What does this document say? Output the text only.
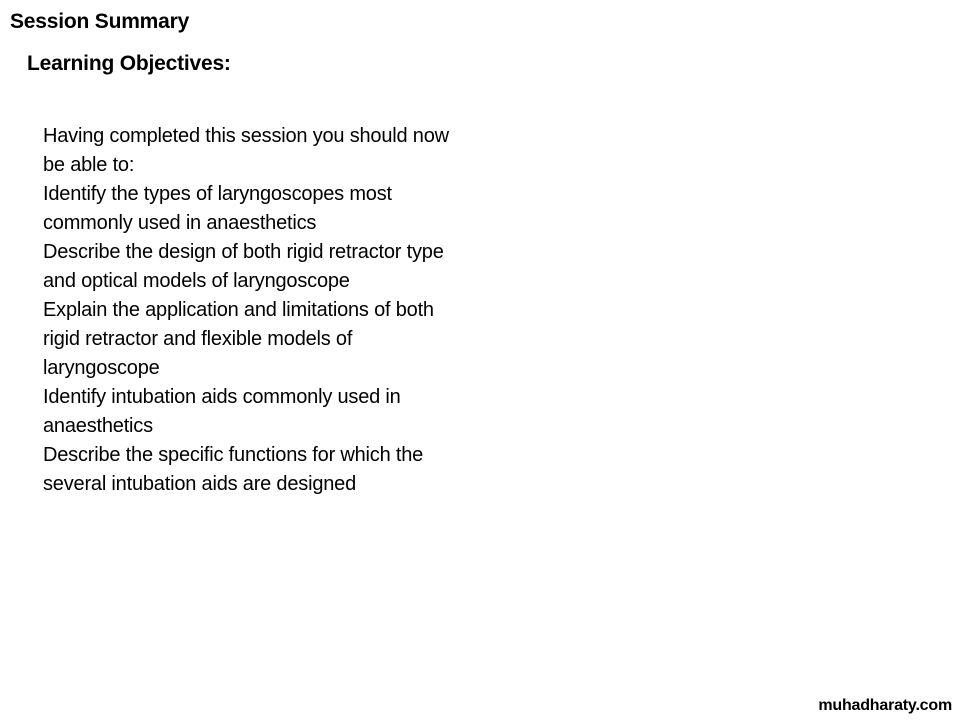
Session Summary
Learning Objectives:
Having completed this session you should now
be able to:
Identify the types of laryngoscopes most
commonly used in anaesthetics
Describe the design of both rigid retractor type
and optical models of laryngoscope
Explain the application and limitations of both
rigid retractor and flexible models of
laryngoscope
Identify intubation aids commonly used in
anaesthetics
Describe the specific functions for which the
several intubation aids are designed
muhadharaty.com
